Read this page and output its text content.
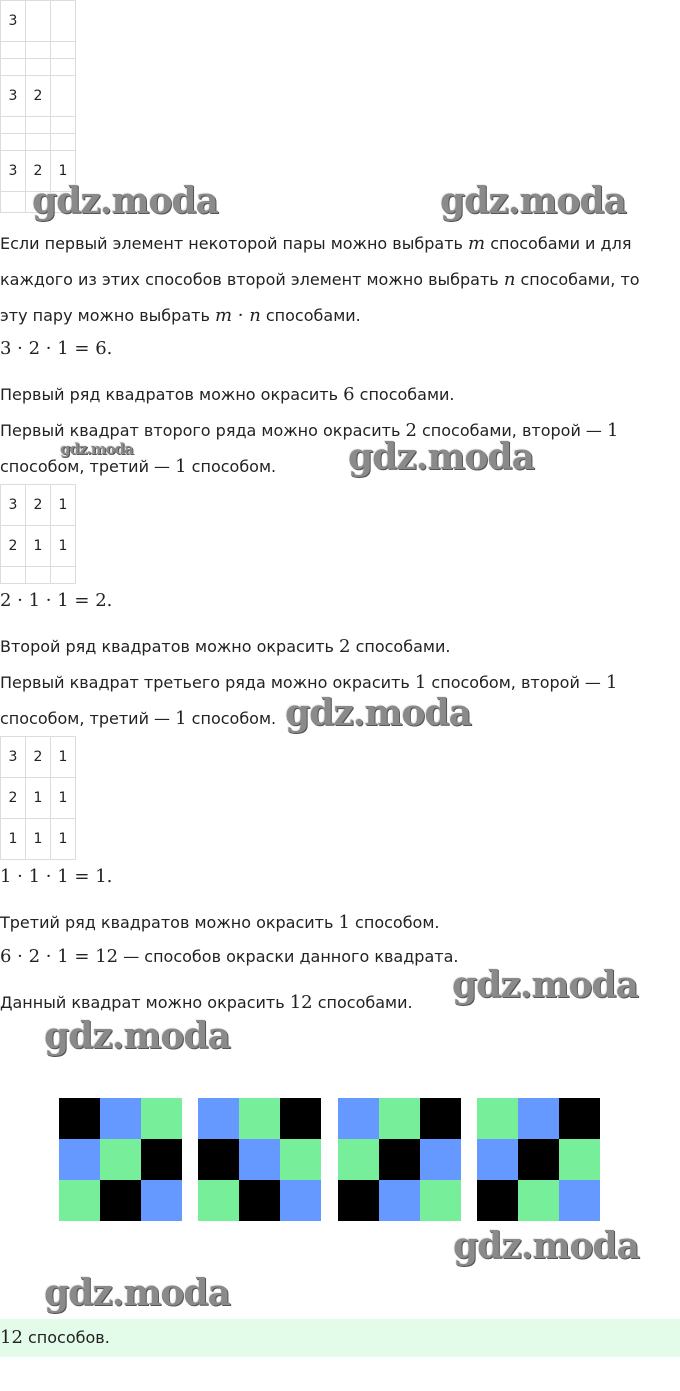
3		

3	2	

3	2	1

Если первый элемент некоторой пары можно выбрать m способами и для
каждого из этих способов второй элемент можно выбрать n способами, то
эту пару можно выбрать m · n способами.
3 · 2 · 1 = 6.
Первый ряд квадратов можно окрасить 6 способами.
Первый квадрат второго ряда можно окрасить 2 способами, второй — 1
способом, третий — 1 способом.
3	2	1
2	1	1

2 · 1 · 1 = 2.
Второй ряд квадратов можно окрасить 2 способами.
Первый квадрат третьего ряда можно окрасить 1 способом, второй — 1
способом, третий — 1 способом.
3	2	1
2	1	1
1	1	1
1 · 1 · 1 = 1.
Третий ряд квадратов можно окрасить 1 способом.
6 · 2 · 1 = 12 — способов окраски данного квадрата.
Данный квадрат можно окрасить 12 способами.
12 способов.
gdz.moda	gdz.moda
gdz.moda	gdz.moda
gdz.moda
gdz.moda
gdz.moda
gdz.moda
gdz.moda
